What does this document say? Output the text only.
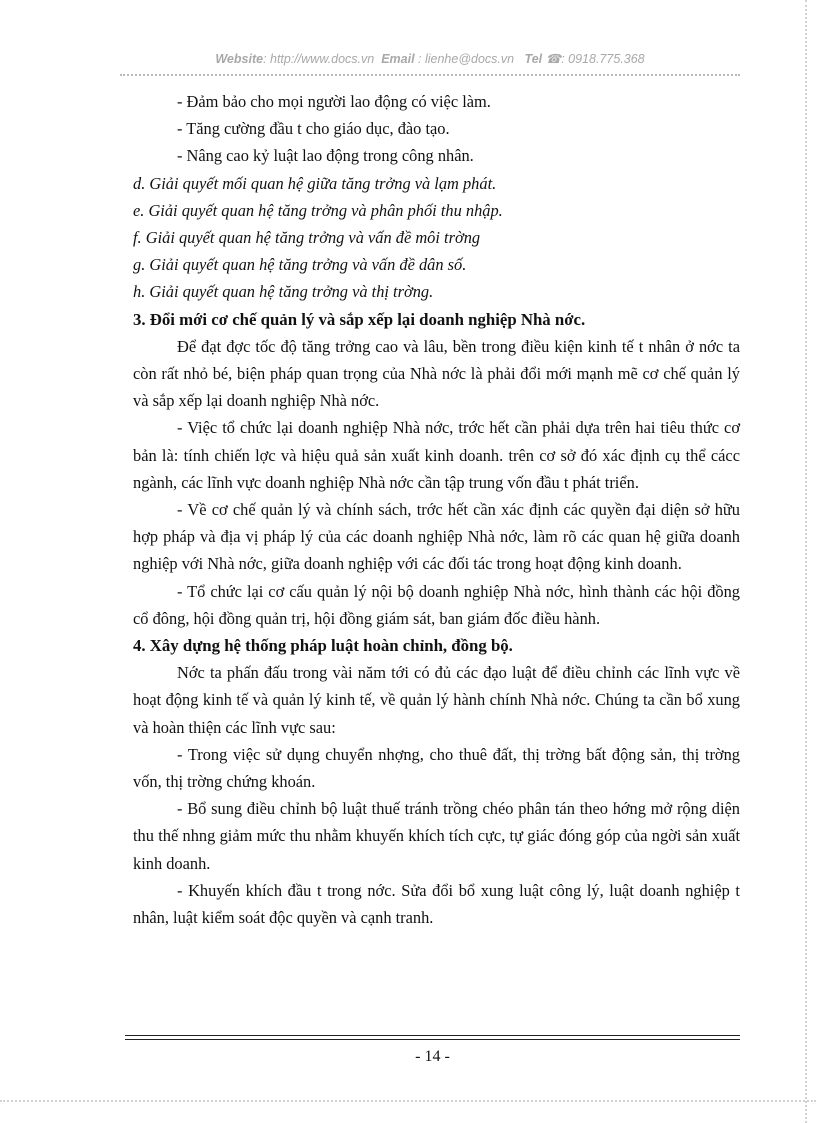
Website: http://www.docs.vn Email : lienhe@docs.vn Tel ☎: 0918.775.368

- Đảm bảo cho mọi người lao động có việc làm.

- Tăng cường đầu t cho giáo dục, đào tạo.

- Nâng cao kỷ luật lao động trong công nhân.

d. Giải quyết mối quan hệ giữa tăng trởng và lạm phát.

e. Giải quyết quan hệ tăng trởng và phân phối thu nhập.

f. Giải quyết quan hệ tăng trởng và vấn đề môi trờng

g. Giải quyết quan hệ tăng trởng và vấn đề dân số.

h. Giải quyết quan hệ tăng trởng và thị trờng.

3. Đổi mới cơ chế quản lý và sắp xếp lại doanh nghiệp Nhà nớc.

Để đạt đợc tốc độ tăng trởng cao và lâu, bền trong điều kiện kinh tế t nhân ở nớc ta còn rất nhỏ bé, biện pháp quan trọng của Nhà nớc là phải đổi mới mạnh mẽ cơ chế quản lý và sắp xếp lại doanh nghiệp Nhà nớc.

- Việc tổ chức lại doanh nghiệp Nhà nớc, trớc hết cần phải dựa trên hai tiêu thức cơ bản là: tính chiến lợc và hiệu quả sản xuất kinh doanh. trên cơ sở đó xác định cụ thể cácc ngành, các lĩnh vực doanh nghiệp Nhà nớc cần tập trung vốn đầu t phát triển.

- Về cơ chế quản lý và chính sách, trớc hết cần xác định các quyền đại diện sở hữu hợp pháp và địa vị pháp lý của các doanh nghiệp Nhà nớc, làm rõ các quan hệ giữa doanh nghiệp với Nhà nớc, giữa doanh nghiệp với các đối tác trong hoạt động kinh doanh.

- Tổ chức lại cơ cấu quản lý nội bộ doanh nghiệp Nhà nớc, hình thành các hội đồng cổ đông, hội đồng quản trị, hội đồng giám sát, ban giám đốc điều hành.

4. Xây dựng hệ thống pháp luật hoàn chỉnh, đồng bộ.

Nớc ta phấn đấu trong vài năm tới có đủ các đạo luật để điều chỉnh các lĩnh vực về hoạt động kinh tế và quản lý kinh tế, về quản lý hành chính Nhà nớc. Chúng ta cần bổ xung và hoàn thiện các lĩnh vực sau:

- Trong việc sử dụng chuyển nhợng, cho thuê đất, thị trờng bất động sản, thị trờng vốn, thị trờng chứng khoán.

- Bổ sung điều chỉnh bộ luật thuế tránh trồng chéo phân tán theo hớng mở rộng diện thu thế nhng giảm mức thu nhằm khuyến khích tích cực, tự giác đóng góp của ngời sản xuất kinh doanh.

- Khuyến khích đầu t trong nớc. Sửa đổi bổ xung luật công lý, luật doanh nghiệp t nhân, luật kiểm soát độc quyền và cạnh tranh.

- 14 -
